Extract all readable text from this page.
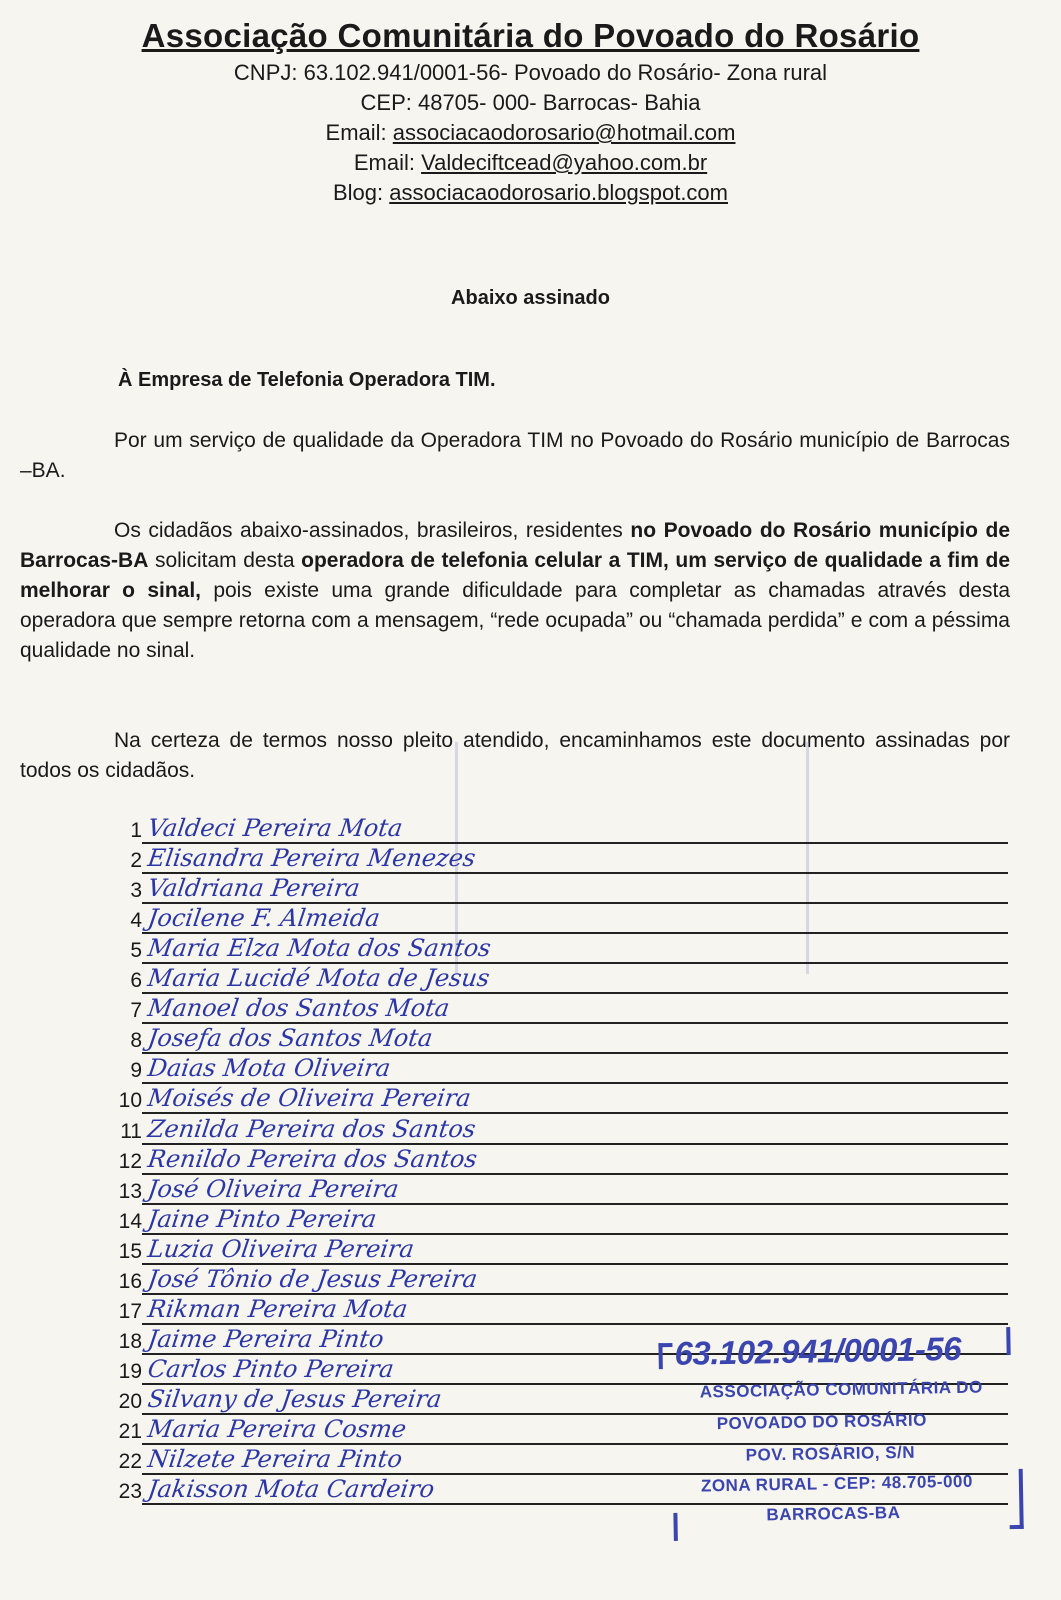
Associação Comunitária do Povoado do Rosário
CNPJ: 63.102.941/0001-56- Povoado do Rosário- Zona rural
CEP: 48705- 000- Barrocas- Bahia
Email: associacaodorosario@hotmail.com
Email: Valdeciftcead@yahoo.com.br
Blog: associacaodorosario.blogspot.com
Abaixo assinado
À Empresa de Telefonia Operadora TIM.

Por um serviço de qualidade da Operadora TIM no Povoado do Rosário município de Barrocas –BA.

Os cidadãos abaixo-assinados, brasileiros, residentes no Povoado do Rosário município de Barrocas-BA solicitam desta operadora de telefonia celular a TIM, um serviço de qualidade a fim de melhorar o sinal, pois existe uma grande dificuldade para completar as chamadas através desta operadora que sempre retorna com a mensagem, “rede ocupada” ou “chamada perdida” e com a péssima qualidade no sinal.

Na certeza de termos nosso pleito atendido, encaminhamos este documento assinadas por todos os cidadãos.

1 Valdeci Pereira Mota
2 Elisandra Pereira Menezes
3 Valdriana Pereira
4 Jocilene F. Almeida
5 Maria Elza Mota dos Santos
6 Maria Lucidé Mota de Jesus
7 Manoel dos Santos Mota
8 Josefa dos Santos Mota
9 Daias Mota Oliveira
10 Moisés de Oliveira Pereira
11 Zenilda Pereira dos Santos
12 Renildo Pereira dos Santos
13 José Oliveira Pereira
14 Jaine Pinto Pereira
15 Luzia Oliveira Pereira
16 José Tônio de Jesus Pereira
17 Rikman Pereira Mota
18 Jaime Pereira Pinto
19 Carlos Pinto Pereira
20 Silvany de Jesus Pereira
21 Maria Pereira Cosme
22 Nilzete Pereira Pinto
23 Jakisson Mota Cardeiro
63.102.941/0001-56
ASSOCIAÇÃO COMUNITÁRIA DO
POVOADO DO ROSÁRIO
POV. ROSÁRIO, S/N
ZONA RURAL - CEP: 48.705-000
BARROCAS-BA
